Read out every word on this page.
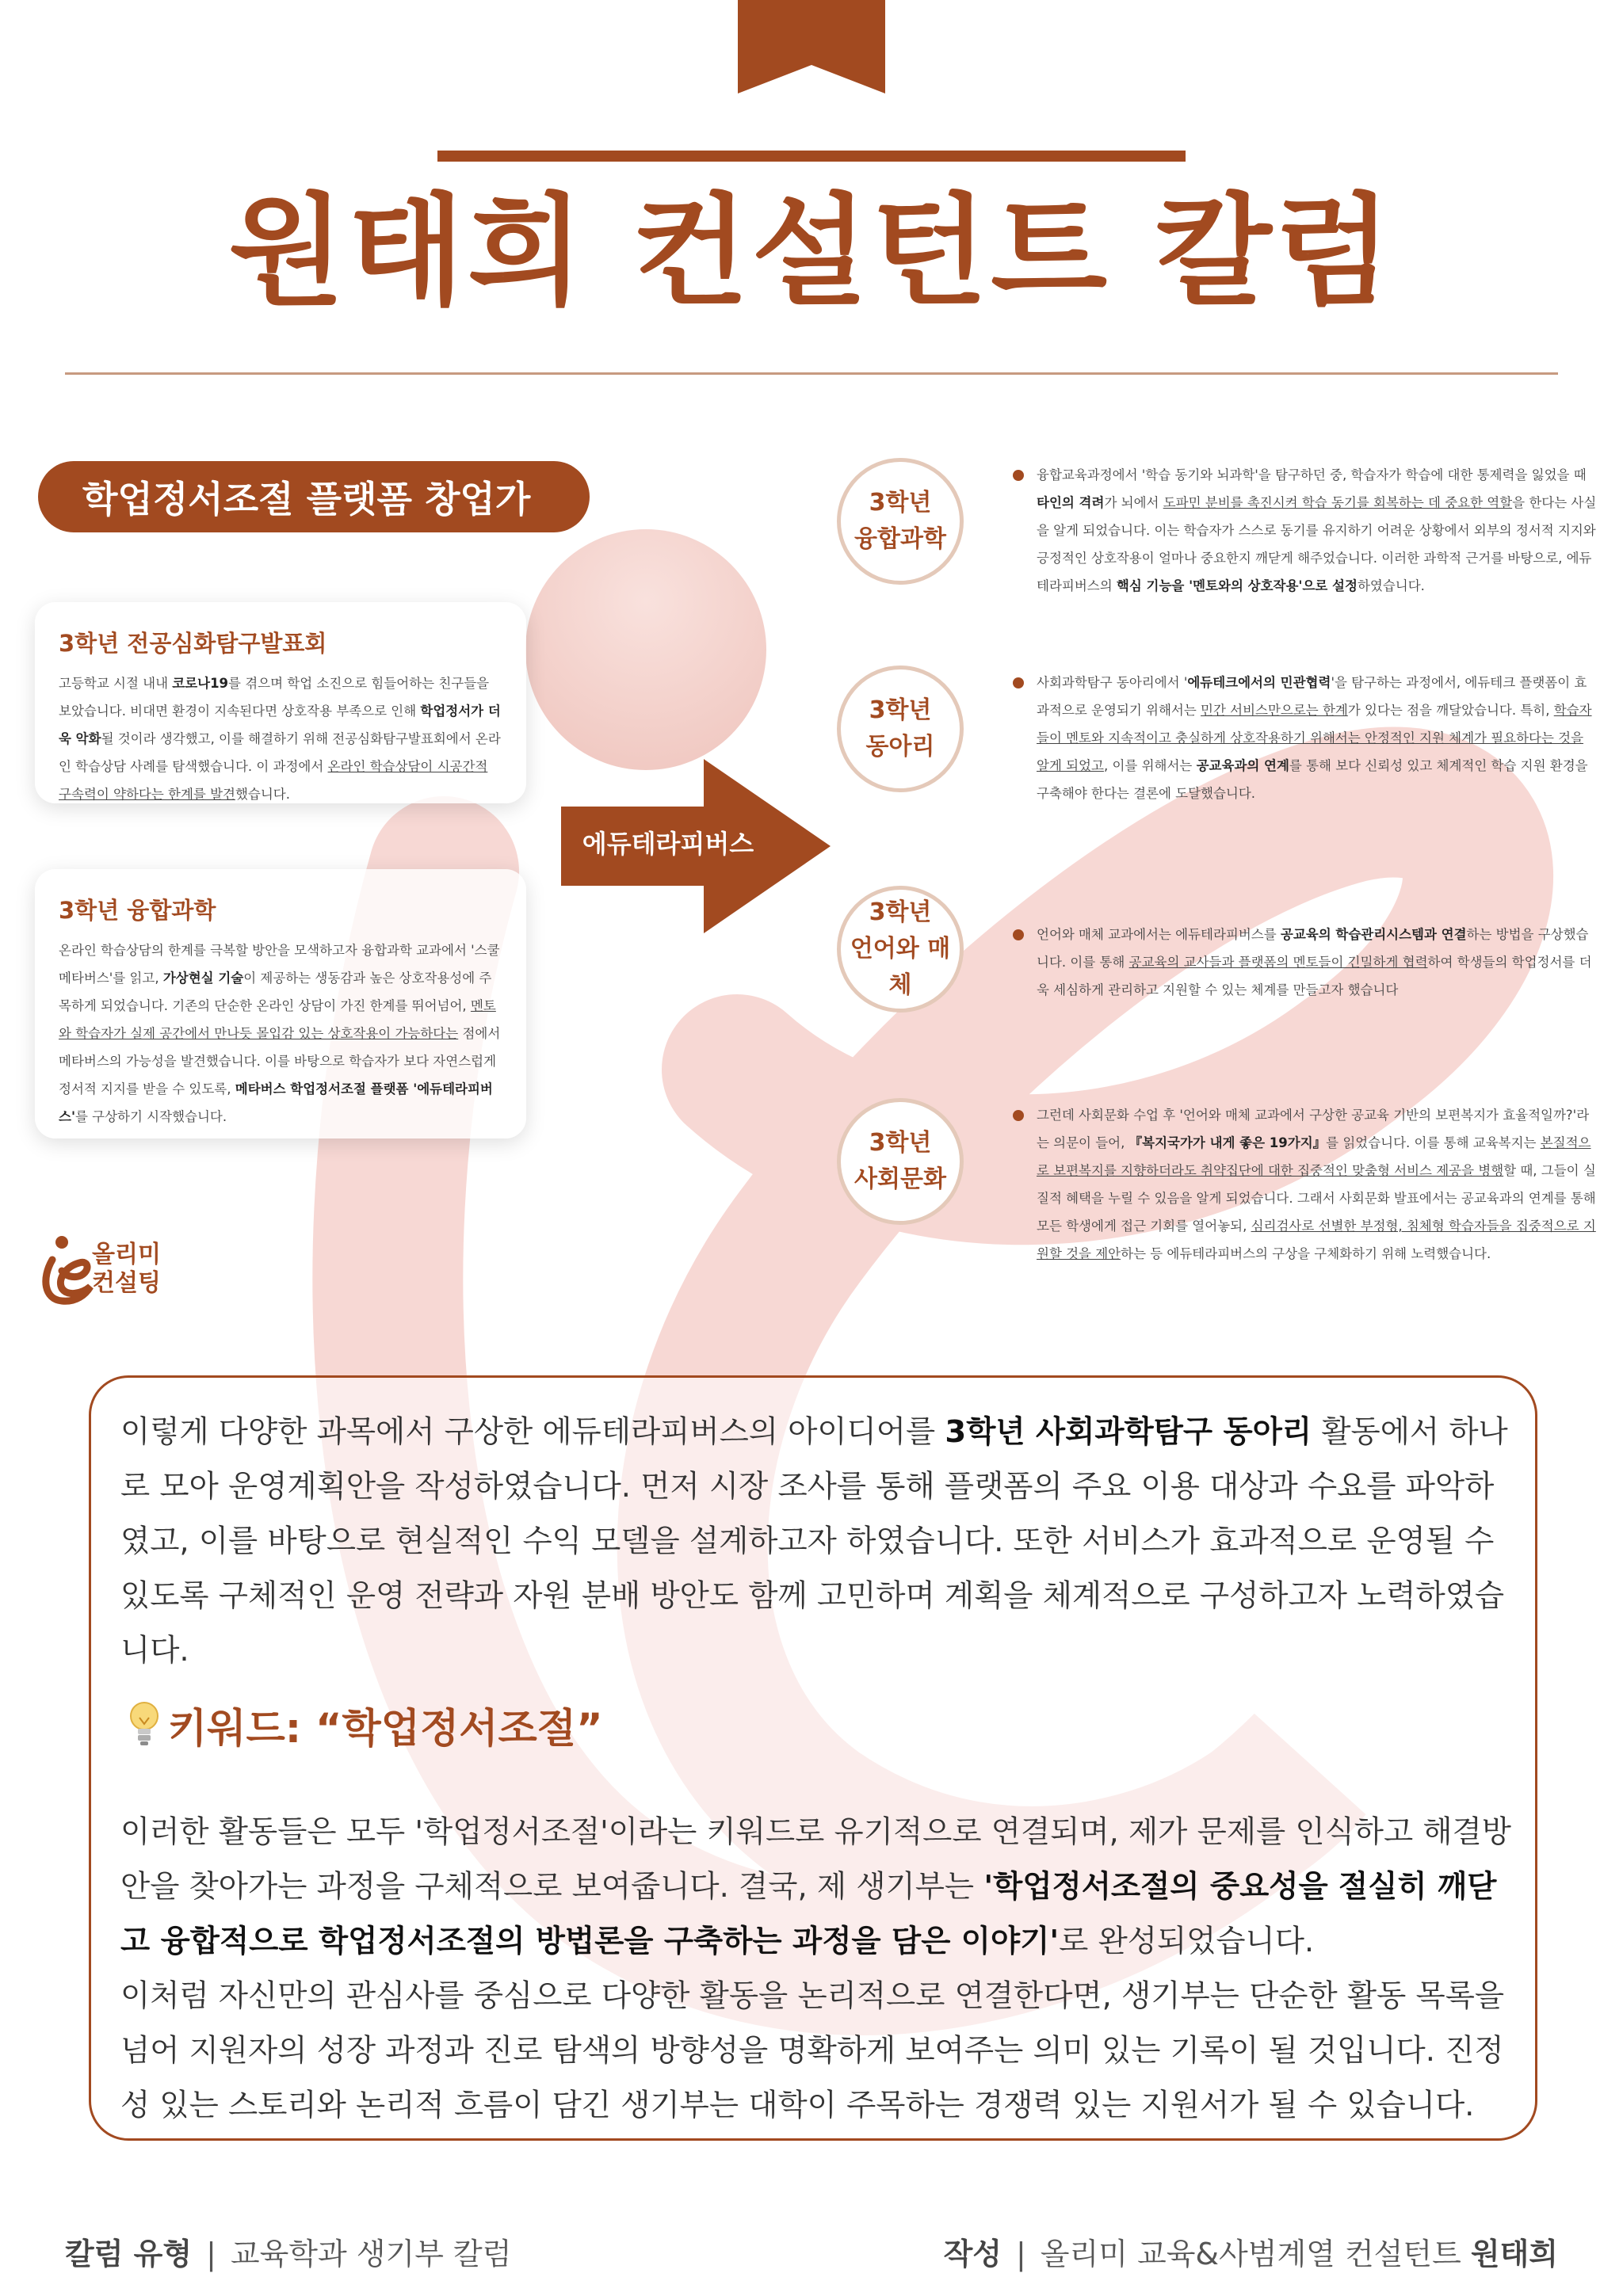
원태희 컨설턴트 칼럼
학업정서조절 플랫폼 창업가
3학년 전공심화탐구발표회

고등학교 시절 내내 코로나19를 겪으며 학업 소진으로 힘들어하는 친구들을 보았습니다. 비대면 환경이 지속된다면 상호작용 부족으로 인해 학업정서가 더욱 악화될 것이라 생각했고, 이를 해결하기 위해 전공심화탐구발표회에서 온라인 학습상담 사례를 탐색했습니다. 이 과정에서 온라인 학습상담이 시공간적 구속력이 약하다는 한계를 발견했습니다.

3학년 융합과학

온라인 학습상담의 한계를 극복할 방안을 모색하고자 융합과학 교과에서 '스쿨 메타버스'를 읽고, 가상현실 기술이 제공하는 생동감과 높은 상호작용성에 주목하게 되었습니다. 기존의 단순한 온라인 상담이 가진 한계를 뛰어넘어, 멘토와 학습자가 실제 공간에서 만나듯 몰입감 있는 상호작용이 가능하다는 점에서 메타버스의 가능성을 발견했습니다. 이를 바탕으로 학습자가 보다 자연스럽게 정서적 지지를 받을 수 있도록, 메타버스 학업정서조절 플랫폼 '에듀테라피버스'를 구상하기 시작했습니다.

올리미
컨설팅
에듀테라피버스
3학년
융합과학
3학년
동아리
3학년
언어와 매체
3학년
사회문화

융합교육과정에서 '학습 동기와 뇌과학'을 탐구하던 중, 학습자가 학습에 대한 통제력을 잃었을 때 타인의 격려가 뇌에서 도파민 분비를 촉진시켜 학습 동기를 회복하는 데 중요한 역할을 한다는 사실을 알게 되었습니다. 이는 학습자가 스스로 동기를 유지하기 어려운 상황에서 외부의 정서적 지지와 긍정적인 상호작용이 얼마나 중요한지 깨닫게 해주었습니다. 이러한 과학적 근거를 바탕으로, 에듀테라피버스의 핵심 기능을 '멘토와의 상호작용'으로 설정하였습니다.

사회과학탐구 동아리에서 '에듀테크에서의 민관협력'을 탐구하는 과정에서, 에듀테크 플랫폼이 효과적으로 운영되기 위해서는 민간 서비스만으로는 한계가 있다는 점을 깨달았습니다. 특히, 학습자들이 멘토와 지속적이고 충실하게 상호작용하기 위해서는 안정적인 지원 체계가 필요하다는 것을 알게 되었고, 이를 위해서는 공교육과의 연계를 통해 보다 신뢰성 있고 체계적인 학습 지원 환경을 구축해야 한다는 결론에 도달했습니다.

언어와 매체 교과에서는 에듀테라피버스를 공교육의 학습관리시스템과 연결하는 방법을 구상했습니다. 이를 통해 공교육의 교사들과 플랫폼의 멘토들이 긴밀하게 협력하여 학생들의 학업정서를 더욱 세심하게 관리하고 지원할 수 있는 체계를 만들고자 했습니다

그런데 사회문화 수업 후 '언어와 매체 교과에서 구상한 공교육 기반의 보편복지가 효율적일까?'라는 의문이 들어, 『복지국가가 내게 좋은 19가지』를 읽었습니다. 이를 통해 교육복지는 본질적으로 보편복지를 지향하더라도 취약집단에 대한 집중적인 맞춤형 서비스 제공을 병행할 때, 그들이 실질적 혜택을 누릴 수 있음을 알게 되었습니다. 그래서 사회문화 발표에서는 공교육과의 연계를 통해 모든 학생에게 접근 기회를 열어놓되, 심리검사로 선별한 부정형, 침체형 학습자들을 집중적으로 지원할 것을 제안하는 등 에듀테라피버스의 구상을 구체화하기 위해 노력했습니다.

이렇게 다양한 과목에서 구상한 에듀테라피버스의 아이디어를 3학년 사회과학탐구 동아리 활동에서 하나로 모아 운영계획안을 작성하였습니다. 먼저 시장 조사를 통해 플랫폼의 주요 이용 대상과 수요를 파악하였고, 이를 바탕으로 현실적인 수익 모델을 설계하고자 하였습니다. 또한 서비스가 효과적으로 운영될 수 있도록 구체적인 운영 전략과 자원 분배 방안도 함께 고민하며 계획을 체계적으로 구성하고자 노력하였습니다.

키워드: “학업정서조절”

이러한 활동들은 모두 '학업정서조절'이라는 키워드로 유기적으로 연결되며, 제가 문제를 인식하고 해결방안을 찾아가는 과정을 구체적으로 보여줍니다. 결국, 제 생기부는 '학업정서조절의 중요성을 절실히 깨닫고 융합적으로 학업정서조절의 방법론을 구축하는 과정을 담은 이야기'로 완성되었습니다.

이처럼 자신만의 관심사를 중심으로 다양한 활동을 논리적으로 연결한다면, 생기부는 단순한 활동 목록을 넘어 지원자의 성장 과정과 진로 탐색의 방향성을 명확하게 보여주는 의미 있는 기록이 될 것입니다. 진정성 있는 스토리와 논리적 흐름이 담긴 생기부는 대학이 주목하는 경쟁력 있는 지원서가 될 수 있습니다.

칼럼 유형 | 교육학과 생기부 칼럼	작성 | 올리미 교육&사범계열 컨설턴트 원태희
